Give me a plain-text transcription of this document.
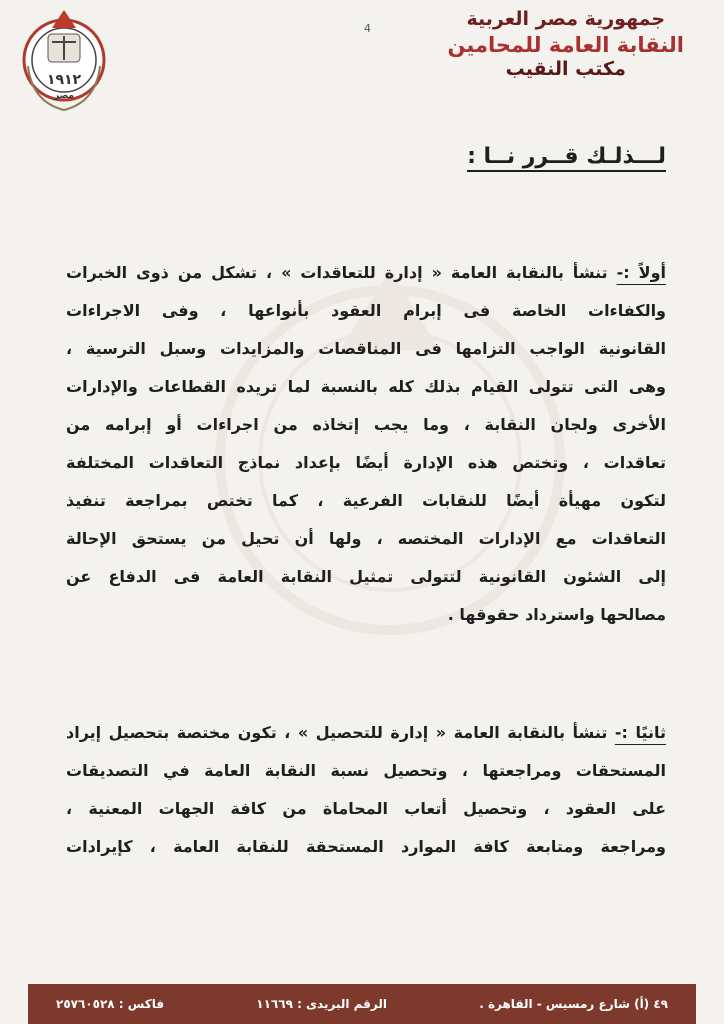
4
١٩١٢
مصر
جمهورية مصر العربية
النقابة العامة للمحامين
مكتب النقيب
لـــذلـك قــرر نــا :
أولاً :- تنشأ بالنقابة العامة « إدارة للتعاقدات » ، تشكل من ذوى الخبرات
والكفاءات الخاصة فى إبرام العقود بأنواعها ، وفى الاجراءات
القانونية الواجب التزامها فى المناقصات والمزايدات وسبل الترسية ،
وهى التى تتولى القيام بذلك كله بالنسبة لما تريده القطاعات والإدارات
الأخرى ولجان النقابة ، وما يجب إتخاذه من اجراءات أو إبرامه من
تعاقدات ، وتختص هذه الإدارة أيضًا بإعداد نماذج التعاقدات المختلفة
لتكون مهيأة أيضًا للنقابات الفرعية ، كما تختص بمراجعة تنفيذ
التعاقدات مع الإدارات المختصه ، ولها أن تحيل من يستحق الإحالة
إلى الشئون القانونية لتتولى تمثيل النقابة العامة فى الدفاع عن
مصالحها واسترداد حقوقها .
ثانيًا :- تنشأ بالنقابة العامة « إدارة للتحصيل » ، تكون مختصة بتحصيل إيراد
المستحقات ومراجعتها ، وتحصيل نسبة النقابة العامة في التصديقات
على العقود ، وتحصيل أتعاب المحاماة من كافة الجهات المعنية ،
ومراجعة ومتابعة كافة الموارد المستحقة للنقابة العامة ، كإيرادات
٤٩ (أ) شارع رمسيس - القاهرة .
الرقم البريدى : ١١٦٦٩
فاكس : ٢٥٧٦٠٥٢٨
